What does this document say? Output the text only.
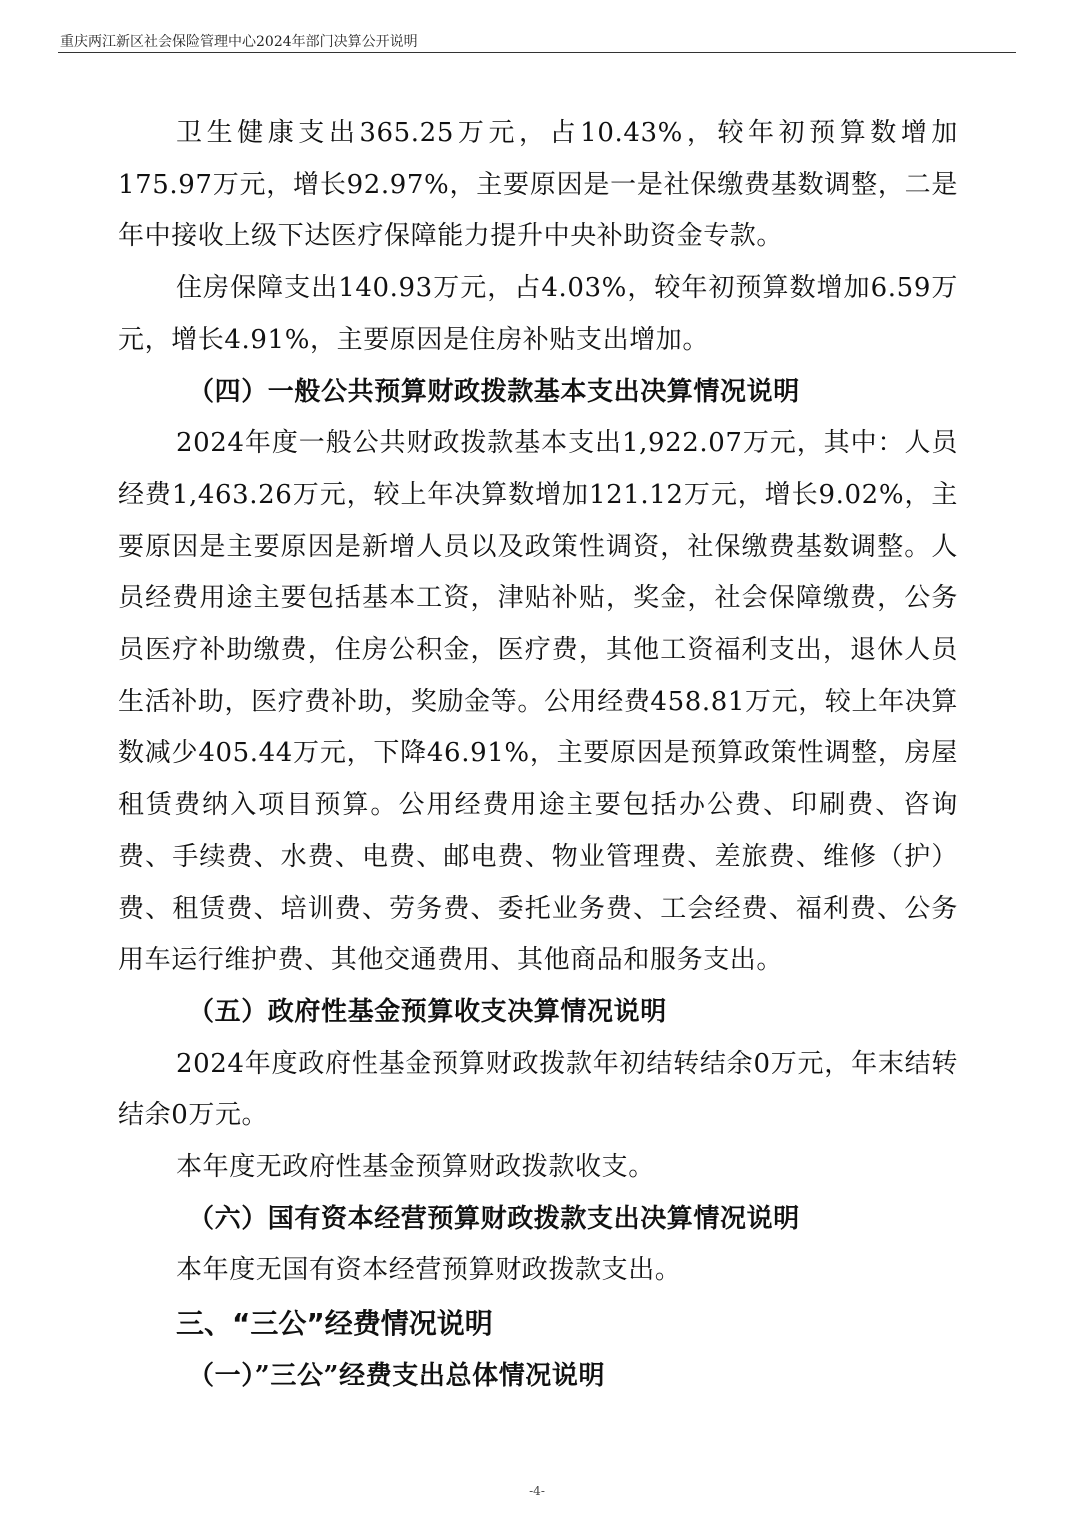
重庆两江新区社会保险管理中心2024年部门决算公开说明

卫生健康支出365.25万元，占10.43%，较年初预算数增加175.97万元，增长92.97%，主要原因是一是社保缴费基数调整，二是年中接收上级下达医疗保障能力提升中央补助资金专款。

住房保障支出140.93万元，占4.03%，较年初预算数增加6.59万元，增长4.91%，主要原因是住房补贴支出增加。

（四）一般公共预算财政拨款基本支出决算情况说明

2024年度一般公共财政拨款基本支出1,922.07万元，其中：人员经费1,463.26万元，较上年决算数增加121.12万元，增长9.02%，主要原因是主要原因是新增人员以及政策性调资，社保缴费基数调整。人员经费用途主要包括基本工资，津贴补贴，奖金，社会保障缴费，公务员医疗补助缴费，住房公积金，医疗费，其他工资福利支出，退休人员生活补助，医疗费补助，奖励金等。公用经费458.81万元，较上年决算数减少405.44万元，下降46.91%，主要原因是预算政策性调整，房屋租赁费纳入项目预算。公用经费用途主要包括办公费、印刷费、咨询费、手续费、水费、电费、邮电费、物业管理费、差旅费、维修（护）费、租赁费、培训费、劳务费、委托业务费、工会经费、福利费、公务用车运行维护费、其他交通费用、其他商品和服务支出。

（五）政府性基金预算收支决算情况说明

2024年度政府性基金预算财政拨款年初结转结余0万元，年末结转结余0万元。

本年度无政府性基金预算财政拨款收支。

（六）国有资本经营预算财政拨款支出决算情况说明

本年度无国有资本经营预算财政拨款支出。

三、“三公”经费情况说明

（一）”三公”经费支出总体情况说明

-4-
